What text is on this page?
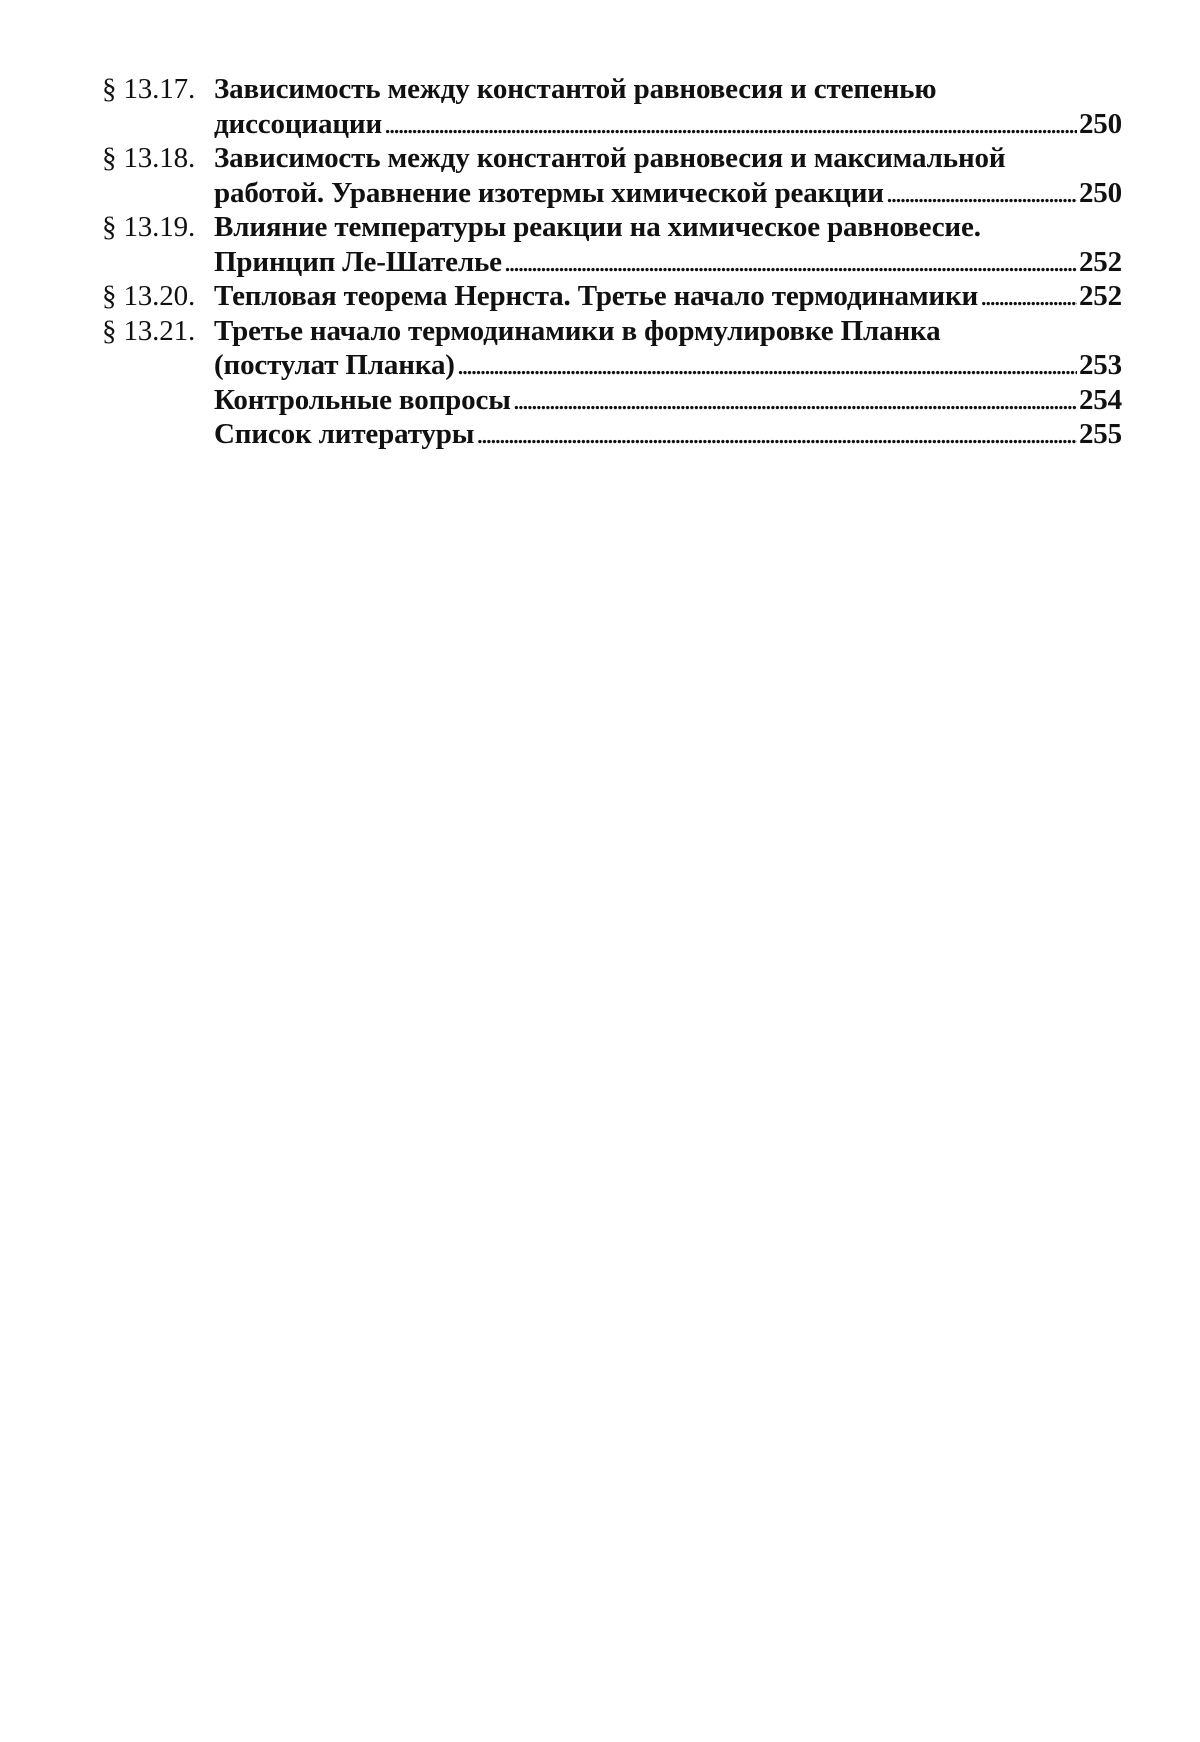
§ 13.17. Зависимость между константой равновесия и степенью
диссоциации . . .	250
§ 13.18. Зависимость между константой равновесия и максимальной
работой. Уравнение изотермы химической реакции . . .	250
§ 13.19. Влияние температуры реакции на химическое равновесие.
Принцип Ле-Шателье . . .	252
§ 13.20. Тепловая теорема Нернста. Третье начало термодинамики . . .	252
§ 13.21. Третье начало термодинамики в формулировке Планка
(постулат Планка) . . .	253
Контрольные вопросы . . .	254
Список литературы . . .	255
